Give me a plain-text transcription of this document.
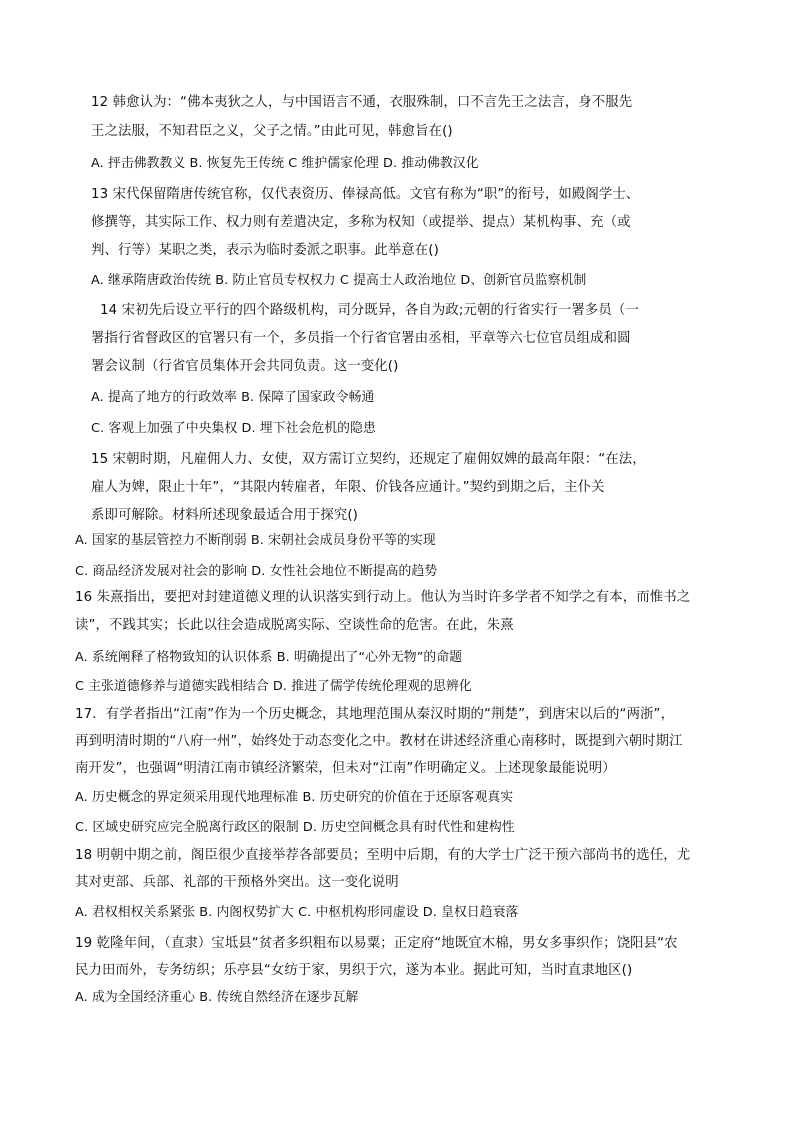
12 韩愈认为：“佛本夷狄之人，与中国语言不通，衣服殊制，口不言先王之法言，身不服先
王之法服，不知君臣之义，父子之情。”由此可见，韩愈旨在()
A. 抨击佛教教义 B. 恢复先王传统 C 维护儒家伦理 D. 推动佛教汉化
13 宋代保留隋唐传统官称，仅代表资历、俸禄高低。文官有称为“职”的衔号，如殿阁学士、
修撰等，其实际工作、权力则有差遣决定，多称为权知（或提举、提点）某机构事、充（或
判、行等）某职之类，表示为临时委派之职事。此举意在()
A. 继承隋唐政治传统 B. 防止官员专权权力 C 提高士人政治地位 D、创新官员监察机制
14 宋初先后设立平行的四个路级机构，司分既异，各自为政;元朝的行省实行一署多员（一
署指行省督政区的官署只有一个，多员指一个行省官署由丞相，平章等六七位官员组成和圆
署会议制（行省官员集体开会共同负责。这一变化()
A. 提高了地方的行政效率 B. 保障了国家政令畅通
C. 客观上加强了中央集权 D. 埋下社会危机的隐患
15 宋朝时期，凡雇佣人力、女使，双方需订立契约，还规定了雇佣奴婢的最高年限：“在法，
雇人为婢，限止十年”，“其限内转雇者，年限、价钱各应通计。”契约到期之后，主仆关
系即可解除。材料所述现象最适合用于探究()
A. 国家的基层管控力不断削弱 B. 宋朝社会成员身份平等的实现
C. 商品经济发展对社会的影响 D. 女性社会地位不断提高的趋势
16 朱熹指出，要把对封建道德义理的认识落实到行动上。他认为当时许多学者不知学之有本，而惟书之
读”，不践其实；长此以往会造成脱离实际、空谈性命的危害。在此，朱熹
A. 系统阐释了格物致知的认识体系 B. 明确提出了“心外无物”的命题
C 主张道德修养与道德实践相结合 D. 推进了儒学传统伦理观的思辨化
17．有学者指出“江南”作为一个历史概念，其地理范围从秦汉时期的“荆楚”，到唐宋以后的“两浙”，
再到明清时期的“八府一州”，始终处于动态变化之中。教材在讲述经济重心南移时，既提到六朝时期江
南开发”，也强调“明清江南市镇经济繁荣，但未对“江南”作明确定义。上述现象最能说明）
A. 历史概念的界定须采用现代地理标准 B. 历史研究的价值在于还原客观真实
C. 区域史研究应完全脱离行政区的限制 D. 历史空间概念具有时代性和建构性
18 明朝中期之前，阁臣很少直接举荐各部要员；至明中后期，有的大学士广泛干预六部尚书的选任，尤
其对吏部、兵部、礼部的干预格外突出。这一变化说明
A. 君权相权关系紧张 B. 内阁权势扩大 C. 中枢机构形同虚设 D. 皇权日趋衰落
19 乾隆年间，（直隶）宝坻县“贫者多织粗布以易粟；正定府“地既宜木棉，男女多事织作；饶阳县“农
民力田而外，专务纺织；乐亭县“女纺于家，男织于穴，遂为本业。据此可知，当时直隶地区()
A. 成为全国经济重心 B. 传统自然经济在逐步瓦解
